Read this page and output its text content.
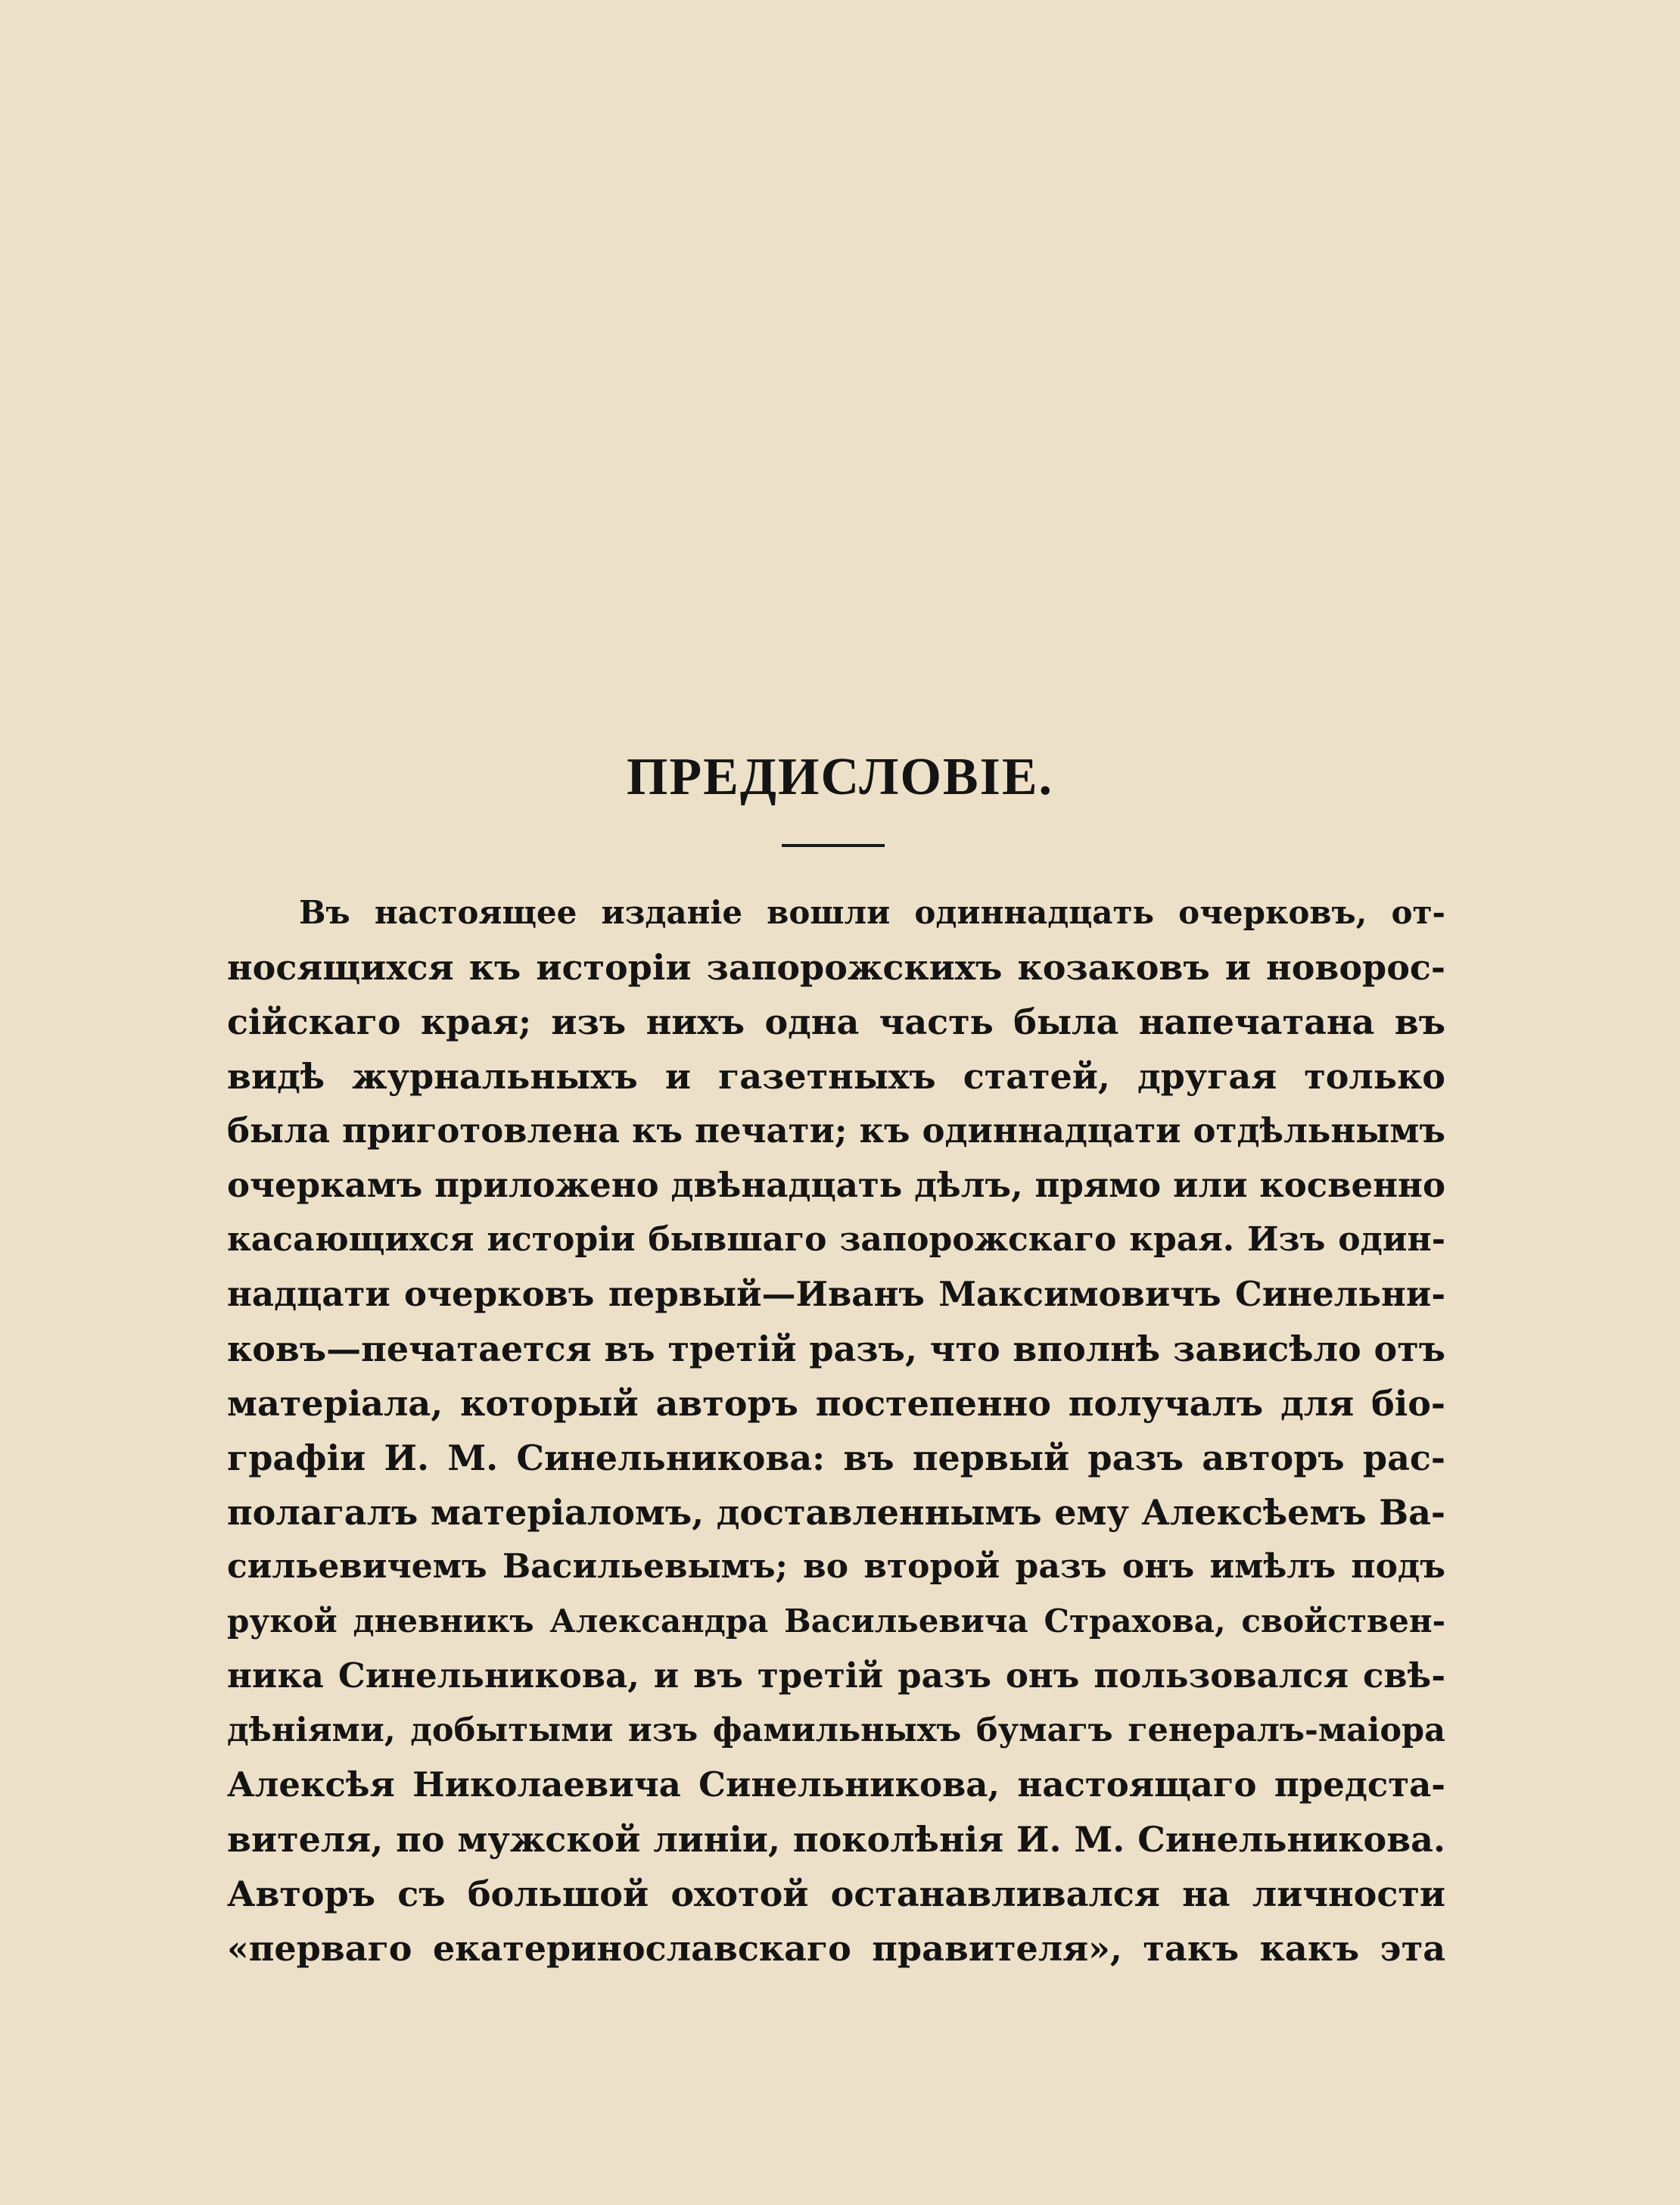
ПРЕДИСЛОВІЕ.
Въ настоящее изданіе вошли одиннадцать очерковъ, от-
носящихся къ исторіи запорожскихъ козаковъ и новорос-
сійскаго края; изъ нихъ одна часть была напечатана въ
видѣ журнальныхъ и газетныхъ статей, другая только
была приготовлена къ печати; къ одиннадцати отдѣльнымъ
очеркамъ приложено двѣнадцать дѣлъ, прямо или косвенно
касающихся исторіи бывшаго запорожскаго края. Изъ один-
надцати очерковъ первый—Иванъ Максимовичъ Синельни-
ковъ—печатается въ третій разъ, что вполнѣ зависѣло отъ
матеріала, который авторъ постепенно получалъ для біо-
графіи И. М. Синельникова: въ первый разъ авторъ рас-
полагалъ матеріаломъ, доставленнымъ ему Алексѣемъ Ва-
сильевичемъ Васильевымъ; во второй разъ онъ имѣлъ подъ
рукой дневникъ Александра Васильевича Страхова, свойствен-
ника Синельникова, и въ третій разъ онъ пользовался свѣ-
дѣніями, добытыми изъ фамильныхъ бумагъ генералъ-маіора
Алексѣя Николаевича Синельникова, настоящаго предста-
вителя, по мужской линіи, поколѣнія И. М. Синельникова.
Авторъ съ большой охотой останавливался на личности
«перваго екатеринославскаго правителя», такъ какъ эта
